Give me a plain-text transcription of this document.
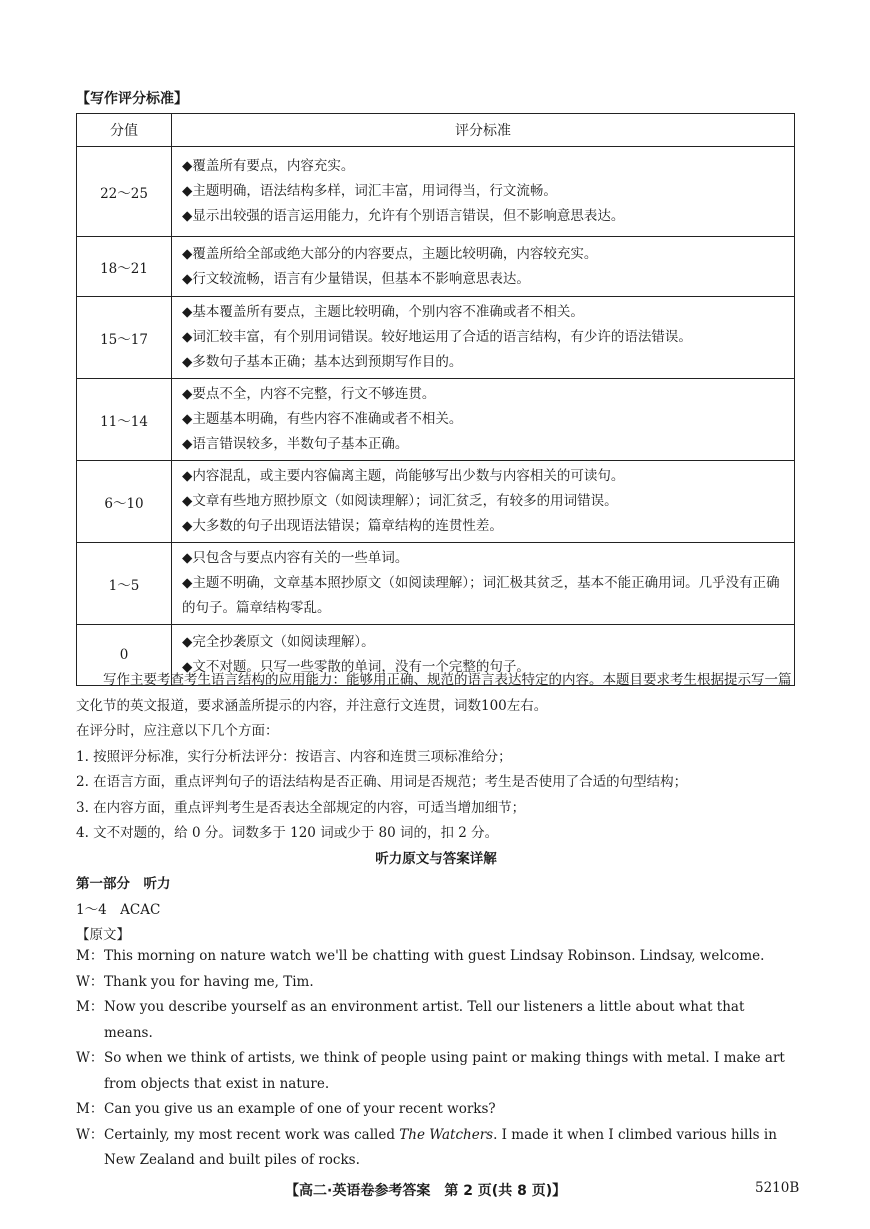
【写作评分标准】
分值	评分标准
22～25	◆覆盖所有要点，内容充实。
◆主题明确，语法结构多样，词汇丰富，用词得当，行文流畅。
◆显示出较强的语言运用能力，允许有个别语言错误，但不影响意思表达。

18～21	◆覆盖所给全部或绝大部分的内容要点，主题比较明确，内容较充实。
◆行文较流畅，语言有少量错误，但基本不影响意思表达。

15～17	◆基本覆盖所有要点，主题比较明确，个别内容不准确或者不相关。
◆词汇较丰富，有个别用词错误。较好地运用了合适的语言结构，有少许的语法错误。
◆多数句子基本正确；基本达到预期写作目的。

11～14	◆要点不全，内容不完整，行文不够连贯。
◆主题基本明确，有些内容不准确或者不相关。
◆语言错误较多，半数句子基本正确。

6～10	◆内容混乱，或主要内容偏离主题，尚能够写出少数与内容相关的可读句。
◆文章有些地方照抄原文（如阅读理解）；词汇贫乏，有较多的用词错误。
◆大多数的句子出现语法错误；篇章结构的连贯性差。

1～5	◆只包含与要点内容有关的一些单词。
◆主题不明确，文章基本照抄原文（如阅读理解）；词汇极其贫乏，基本不能正确用词。几乎没有正确的句子。篇章结构零乱。

0	◆完全抄袭原文（如阅读理解）。
◆文不对题。只写一些零散的单词，没有一个完整的句子。

写作主要考查考生语言结构的应用能力：能够用正确、规范的语言表达特定的内容。本题目要求考生根据提示写一篇文化节的英文报道，要求涵盖所提示的内容，并注意行文连贯，词数100左右。

在评分时，应注意以下几个方面：

1. 按照评分标准，实行分析法评分：按语言、内容和连贯三项标准给分；

2. 在语言方面，重点评判句子的语法结构是否正确、用词是否规范；考生是否使用了合适的句型结构；

3. 在内容方面，重点评判考生是否表达全部规定的内容，可适当增加细节；

4. 文不对题的，给 0 分。词数多于 120 词或少于 80 词的，扣 2 分。

听力原文与答案详解

第一部分　听力

1～4　ACAC

【原文】

M： This morning on nature watch we'll be chatting with guest Lindsay Robinson. Lindsay, welcome.
W： Thank you for having me, Tim.
M： Now you describe yourself as an environment artist. Tell our listeners a little about what that means.
W： So when we think of artists, we think of people using paint or making things with metal. I make art from objects that exist in nature.
M： Can you give us an example of one of your recent works?
W： Certainly, my most recent work was called The Watchers. I made it when I climbed various hills in New Zealand and built piles of rocks.
【高二·英语卷参考答案　第 2 页(共 8 页)】	5210B
